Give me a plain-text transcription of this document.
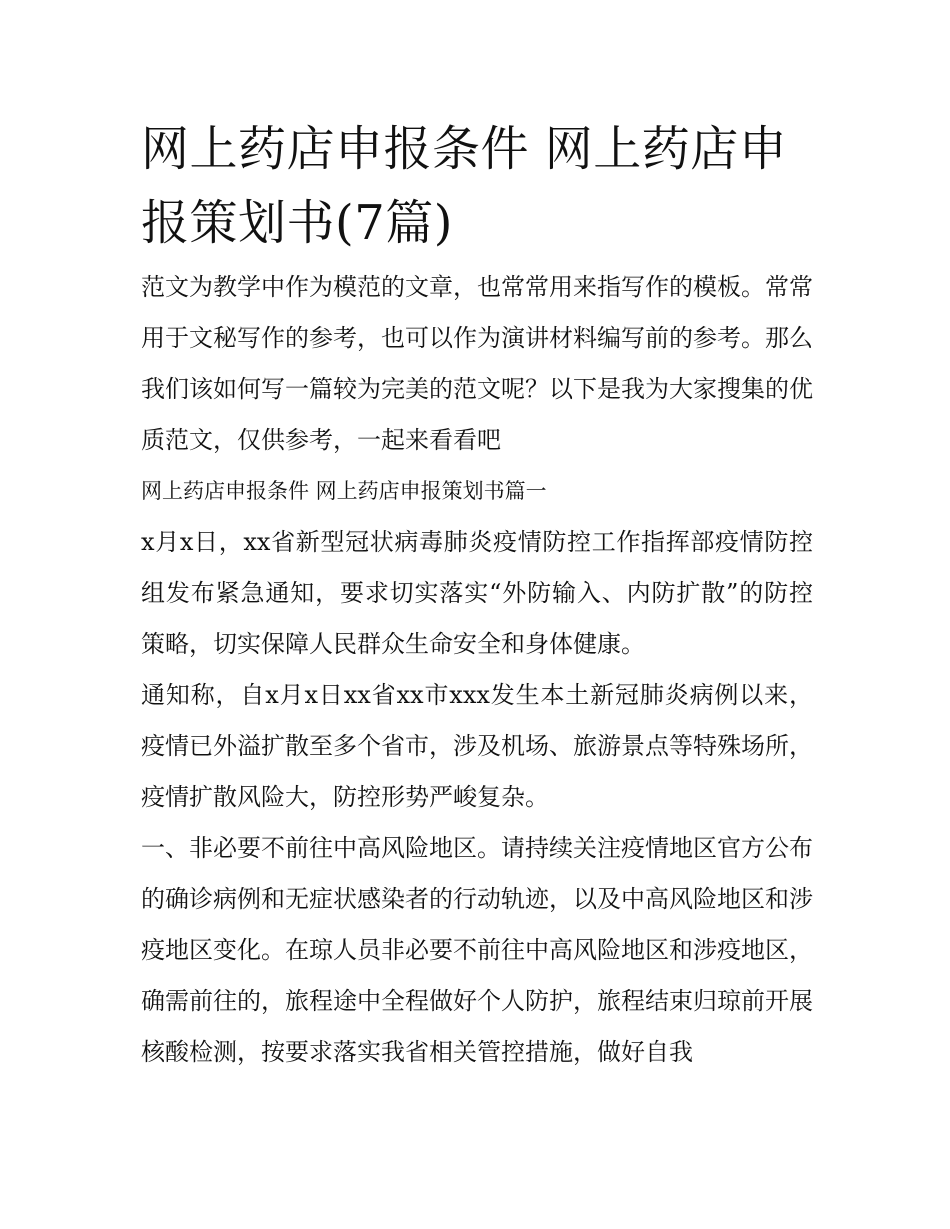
网上药店申报条件 网上药店申报策划书(7篇)

范文为教学中作为模范的文章，也常常用来指写作的模板。常常用于文秘写作的参考，也可以作为演讲材料编写前的参考。那么我们该如何写一篇较为完美的范文呢？以下是我为大家搜集的优质范文，仅供参考，一起来看看吧

网上药店申报条件 网上药店申报策划书篇一

x月x日，xx省新型冠状病毒肺炎疫情防控工作指挥部疫情防控组发布紧急通知，要求切实落实“外防输入、内防扩散”的防控策略，切实保障人民群众生命安全和身体健康。

通知称，自x月x日xx省xx市xxx发生本土新冠肺炎病例以来，疫情已外溢扩散至多个省市，涉及机场、旅游景点等特殊场所，疫情扩散风险大，防控形势严峻复杂。

一、非必要不前往中高风险地区。请持续关注疫情地区官方公布的确诊病例和无症状感染者的行动轨迹，以及中高风险地区和涉疫地区变化。在琼人员非必要不前往中高风险地区和涉疫地区，确需前往的，旅程途中全程做好个人防护，旅程结束归琼前开展核酸检测，按要求落实我省相关管控措施，做好自我
